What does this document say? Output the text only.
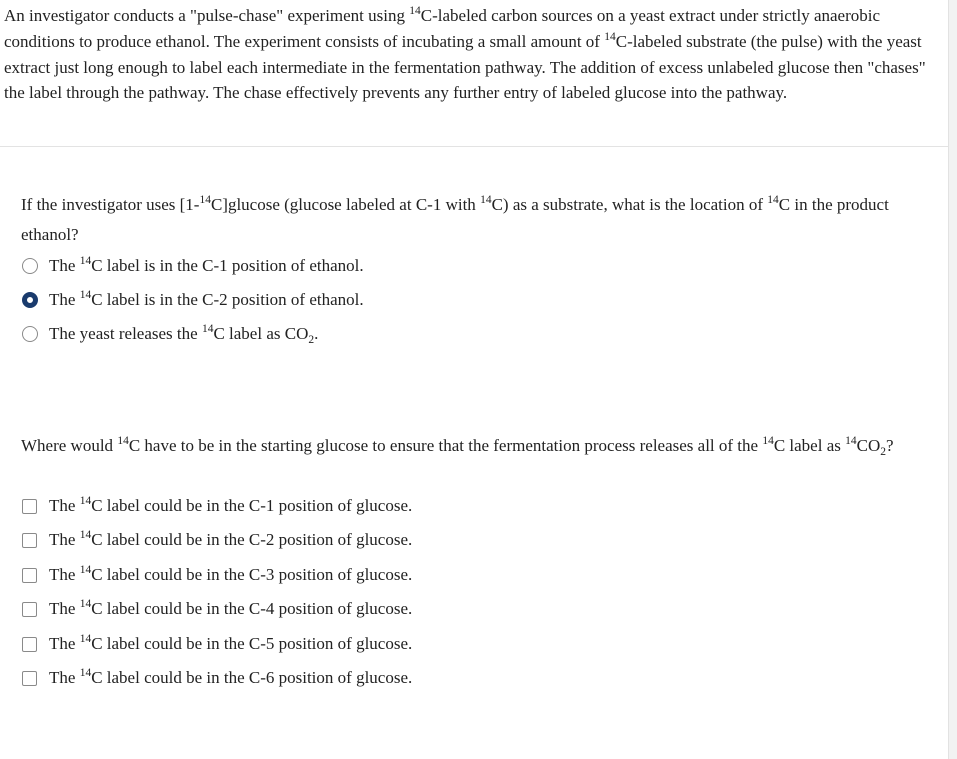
An investigator conducts a "pulse-chase" experiment using $^{14}$C-labeled carbon sources on a yeast extract under strictly anaerobic conditions to produce ethanol. The experiment consists of incubating a small amount of $^{14}$C-labeled substrate (the pulse) with the yeast extract just long enough to label each intermediate in the fermentation pathway. The addition of excess unlabeled glucose then "chases" the label through the pathway. The chase effectively prevents any further entry of labeled glucose into the pathway.
If the investigator uses [1-$^{14}$C]glucose (glucose labeled at C-1 with $^{14}$C) as a substrate, what is the location of $^{14}$C in the product ethanol?
The $^{14}$C label is in the C-1 position of ethanol.
The $^{14}$C label is in the C-2 position of ethanol.
The yeast releases the $^{14}$C label as $CO_2$.
Where would $^{14}$C have to be in the starting glucose to ensure that the fermentation process releases all of the $^{14}$C label as $^{14}CO_2$?
The $^{14}$C label could be in the C-1 position of glucose.
The $^{14}$C label could be in the C-2 position of glucose.
The $^{14}$C label could be in the C-3 position of glucose.
The $^{14}$C label could be in the C-4 position of glucose.
The $^{14}$C label could be in the C-5 position of glucose.
The $^{14}$C label could be in the C-6 position of glucose.
